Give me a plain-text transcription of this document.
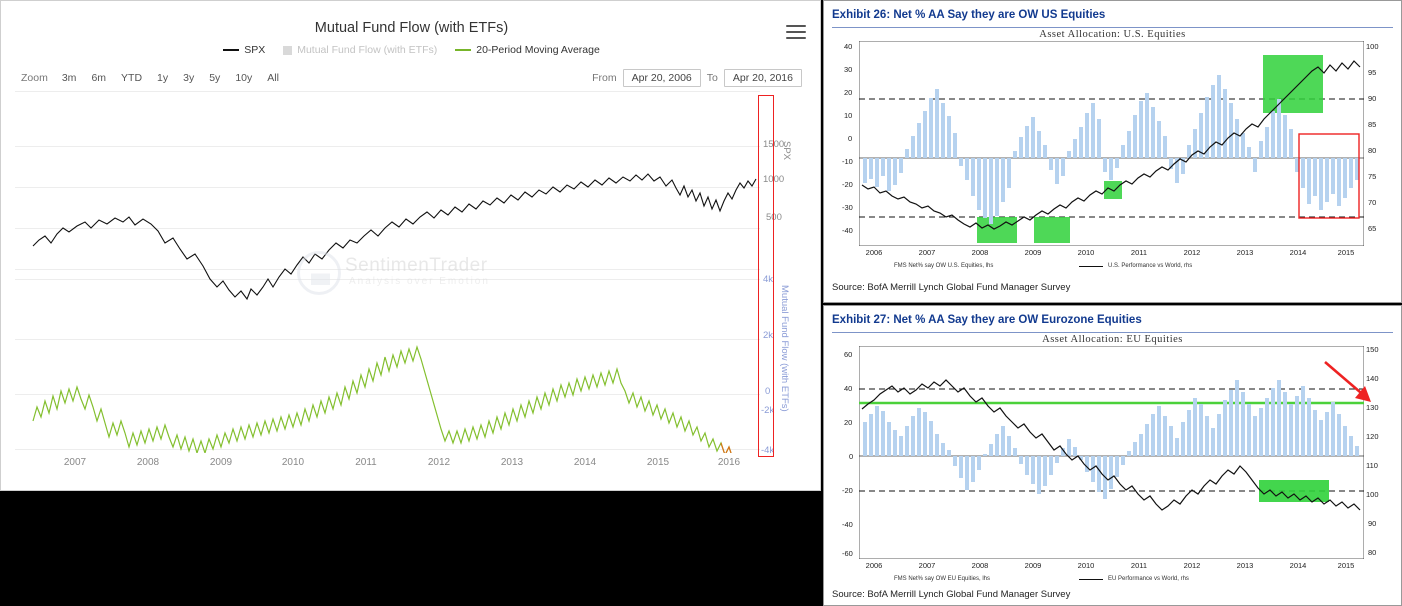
Mutual Fund Flow (with ETFs)
SPX	Mutual Fund Flow (with ETFs)	20-Period Moving Average
Zoom	3m	6m	YTD	1y	3y	5y	10y	All	From	Apr 20, 2006	To	Apr 20, 2016
1500
1000
500
SPX
4k
2k
0
-2k
-4k
Mutual Fund Flow (with ETFs)
2007	2008	2009	2010	2011	2012	2013	2014	2015	2016
SentimenTrader
Analysis over Emotion
Exhibit 26: Net % AA Say they are OW US Equities
Asset Allocation: U.S. Equities
40
30
20
10
0
-10
-20
-30
-40
100
95
90
85
80
75
70
65
2006	2007	2008	2009	2010	2011	2012	2013	2014	2015
FMS Net% say OW U.S. Equities, lhs	U.S. Performance vs World, rhs
Source: BofA Merrill Lynch Global Fund Manager Survey
Exhibit 27: Net % AA Say they are OW Eurozone Equities
Asset Allocation: EU Equities
60
40
20
0
-20
-40
-60
150
140
130
120
110
100
90
80
2006	2007	2008	2009	2010	2011	2012	2013	2014	2015
FMS Net% say OW EU Equities, lhs	EU Performance vs World, rhs
Source: BofA Merrill Lynch Global Fund Manager Survey
